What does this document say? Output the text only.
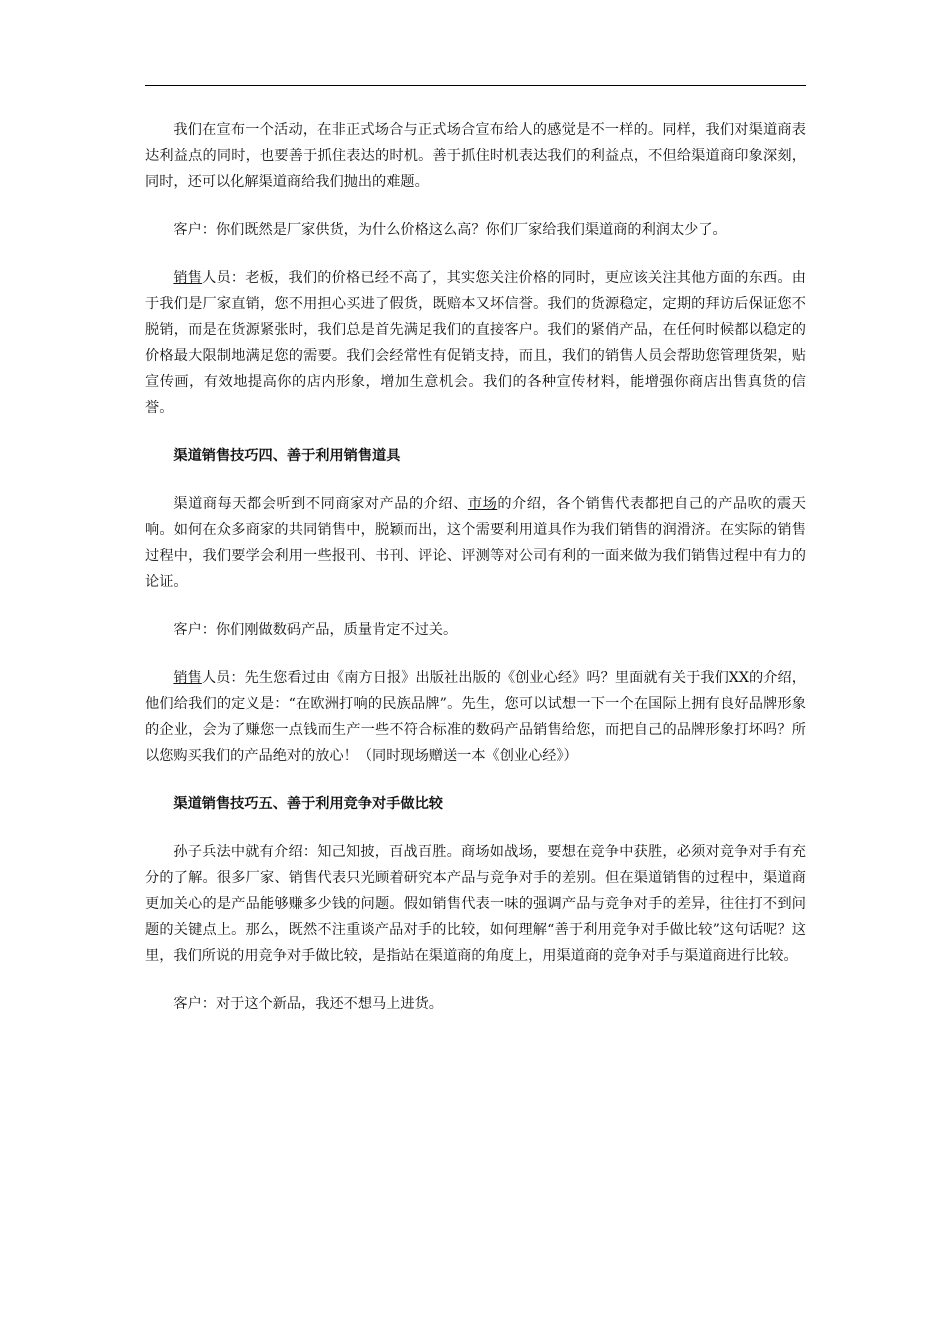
我们在宣布一个活动，在非正式场合与正式场合宣布给人的感觉是不一样的。同样，我们对渠道商表达利益点的同时，也要善于抓住表达的时机。善于抓住时机表达我们的利益点，不但给渠道商印象深刻，同时，还可以化解渠道商给我们抛出的难题。

客户：你们既然是厂家供货，为什么价格这么高？你们厂家给我们渠道商的利润太少了。

销售人员：老板，我们的价格已经不高了，其实您关注价格的同时，更应该关注其他方面的东西。由于我们是厂家直销，您不用担心买进了假货，既赔本又坏信誉。我们的货源稳定，定期的拜访后保证您不脱销，而是在货源紧张时，我们总是首先满足我们的直接客户。我们的紧俏产品，在任何时候都以稳定的价格最大限制地满足您的需要。我们会经常性有促销支持，而且，我们的销售人员会帮助您管理货架，贴宣传画，有效地提高你的店内形象，增加生意机会。我们的各种宣传材料，能增强你商店出售真货的信誉。

渠道销售技巧四、善于利用销售道具

渠道商每天都会听到不同商家对产品的介绍、市场的介绍，各个销售代表都把自己的产品吹的震天响。如何在众多商家的共同销售中，脱颖而出，这个需要利用道具作为我们销售的润滑济。在实际的销售过程中，我们要学会利用一些报刊、书刊、评论、评测等对公司有利的一面来做为我们销售过程中有力的论证。

客户：你们刚做数码产品，质量肯定不过关。

销售人员：先生您看过由《南方日报》出版社出版的《创业心经》吗？里面就有关于我们XX的介绍，他们给我们的定义是：“在欧洲打响的民族品牌”。先生，您可以试想一下一个在国际上拥有良好品牌形象的企业，会为了赚您一点钱而生产一些不符合标准的数码产品销售给您，而把自己的品牌形象打坏吗？所以您购买我们的产品绝对的放心！（同时现场赠送一本《创业心经》）

渠道销售技巧五、善于利用竞争对手做比较

孙子兵法中就有介绍：知己知披，百战百胜。商场如战场，要想在竞争中获胜，必须对竞争对手有充分的了解。很多厂家、销售代表只光顾着研究本产品与竞争对手的差别。但在渠道销售的过程中，渠道商更加关心的是产品能够赚多少钱的问题。假如销售代表一味的强调产品与竞争对手的差异，往往打不到问题的关键点上。那么，既然不注重谈产品对手的比较，如何理解“善于利用竞争对手做比较”这句话呢？这里，我们所说的用竞争对手做比较，是指站在渠道商的角度上，用渠道商的竞争对手与渠道商进行比较。

客户：对于这个新品，我还不想马上进货。
